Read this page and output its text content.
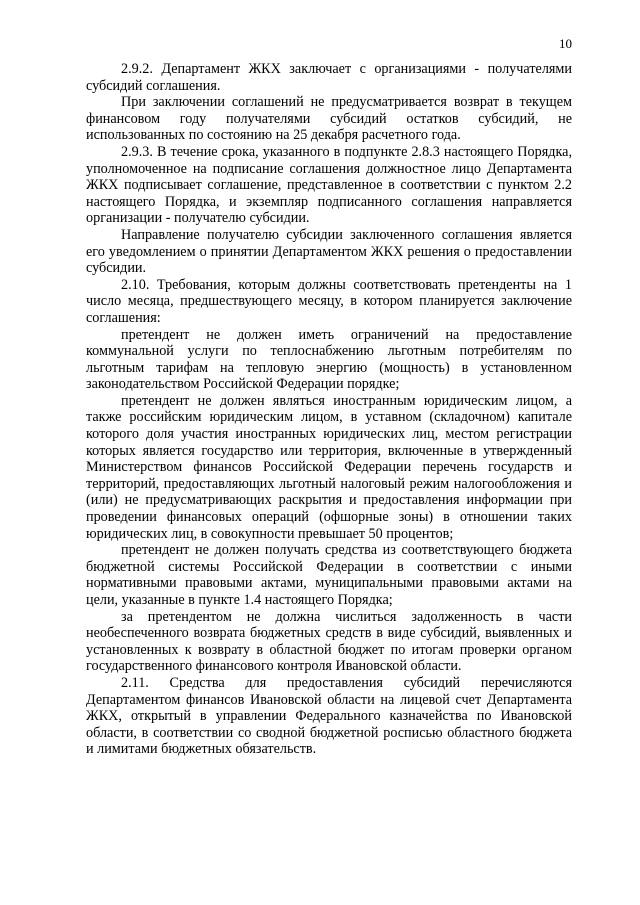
10

2.9.2. Департамент ЖКХ заключает с организациями - получателями субсидий соглашения.

При заключении соглашений не предусматривается возврат в текущем финансовом году получателями субсидий остатков субсидий, не использованных по состоянию на 25 декабря расчетного года.

2.9.3. В течение срока, указанного в подпункте 2.8.3 настоящего Порядка, уполномоченное на подписание соглашения должностное лицо Департамента ЖКХ подписывает соглашение, представленное в соответствии с пунктом 2.2 настоящего Порядка, и экземпляр подписанного соглашения направляется организации - получателю субсидии.

Направление получателю субсидии заключенного соглашения является его уведомлением о принятии Департаментом ЖКХ решения о предоставлении субсидии.

2.10. Требования, которым должны соответствовать претенденты на 1 число месяца, предшествующего месяцу, в котором планируется заключение соглашения:

претендент не должен иметь ограничений на предоставление коммунальной услуги по теплоснабжению льготным потребителям по льготным тарифам на тепловую энергию (мощность) в установленном законодательством Российской Федерации порядке;

претендент не должен являться иностранным юридическим лицом, а также российским юридическим лицом, в уставном (складочном) капитале которого доля участия иностранных юридических лиц, местом регистрации которых является государство или территория, включенные в утвержденный Министерством финансов Российской Федерации перечень государств и территорий, предоставляющих льготный налоговый режим налогообложения и (или) не предусматривающих раскрытия и предоставления информации при проведении финансовых операций (офшорные зоны) в отношении таких юридических лиц, в совокупности превышает 50 процентов;

претендент не должен получать средства из соответствующего бюджета бюджетной системы Российской Федерации в соответствии с иными нормативными правовыми актами, муниципальными правовыми актами на цели, указанные в пункте 1.4 настоящего Порядка;

за претендентом не должна числиться задолженность в части необеспеченного возврата бюджетных средств в виде субсидий, выявленных и установленных к возврату в областной бюджет по итогам проверки органом государственного финансового контроля Ивановской области.

2.11. Средства для предоставления субсидий перечисляются Департаментом финансов Ивановской области на лицевой счет Департамента ЖКХ, открытый в управлении Федерального казначейства по Ивановской области, в соответствии со сводной бюджетной росписью областного бюджета и лимитами бюджетных обязательств.
